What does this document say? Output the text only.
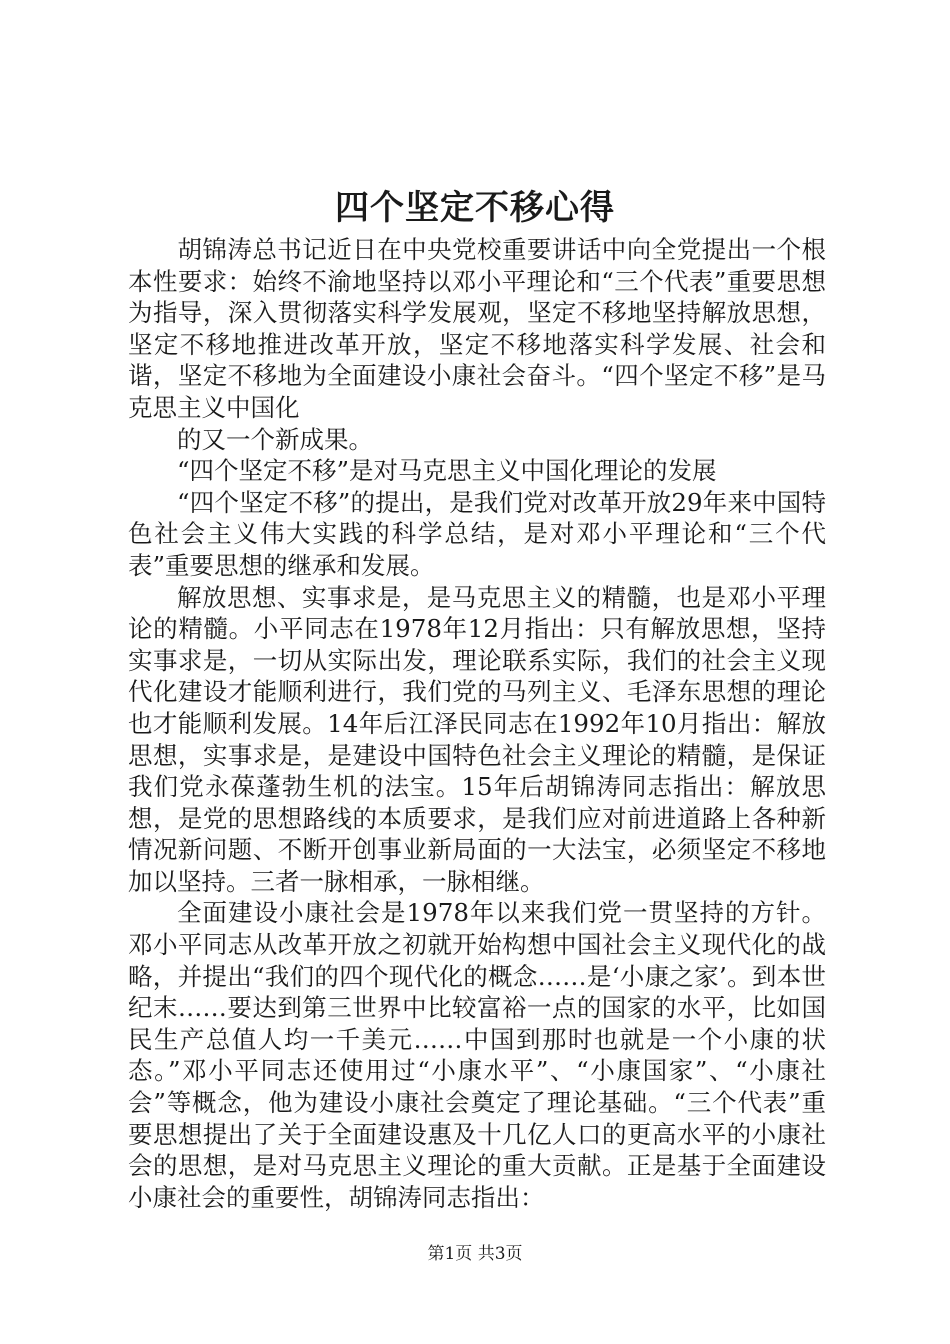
四个坚定不移心得

胡锦涛总书记近日在中央党校重要讲话中向全党提出一个根本性要求：始终不渝地坚持以邓小平理论和“三个代表”重要思想为指导，深入贯彻落实科学发展观，坚定不移地坚持解放思想，坚定不移地推进改革开放，坚定不移地落实科学发展、社会和谐，坚定不移地为全面建设小康社会奋斗。“四个坚定不移”是马克思主义中国化

的又一个新成果。

“四个坚定不移”是对马克思主义中国化理论的发展

“四个坚定不移”的提出，是我们党对改革开放29年来中国特色社会主义伟大实践的科学总结，是对邓小平理论和“三个代表”重要思想的继承和发展。

解放思想、实事求是，是马克思主义的精髓，也是邓小平理论的精髓。小平同志在1978年12月指出：只有解放思想，坚持实事求是，一切从实际出发，理论联系实际，我们的社会主义现代化建设才能顺利进行，我们党的马列主义、毛泽东思想的理论也才能顺利发展。14年后江泽民同志在1992年10月指出：解放思想，实事求是，是建设中国特色社会主义理论的精髓，是保证我们党永葆蓬勃生机的法宝。15年后胡锦涛同志指出：解放思想，是党的思想路线的本质要求，是我们应对前进道路上各种新情况新问题、不断开创事业新局面的一大法宝，必须坚定不移地加以坚持。三者一脉相承，一脉相继。

全面建设小康社会是1978年以来我们党一贯坚持的方针。邓小平同志从改革开放之初就开始构想中国社会主义现代化的战略，并提出“我们的四个现代化的概念……是‘小康之家’。到本世纪末……要达到第三世界中比较富裕一点的国家的水平，比如国民生产总值人均一千美元……中国到那时也就是一个小康的状态。”邓小平同志还使用过“小康水平”、“小康国家”、“小康社会”等概念，他为建设小康社会奠定了理论基础。“三个代表”重要思想提出了关于全面建设惠及十几亿人口的更高水平的小康社会的思想，是对马克思主义理论的重大贡献。正是基于全面建设小康社会的重要性，胡锦涛同志指出：

第1页 共3页
